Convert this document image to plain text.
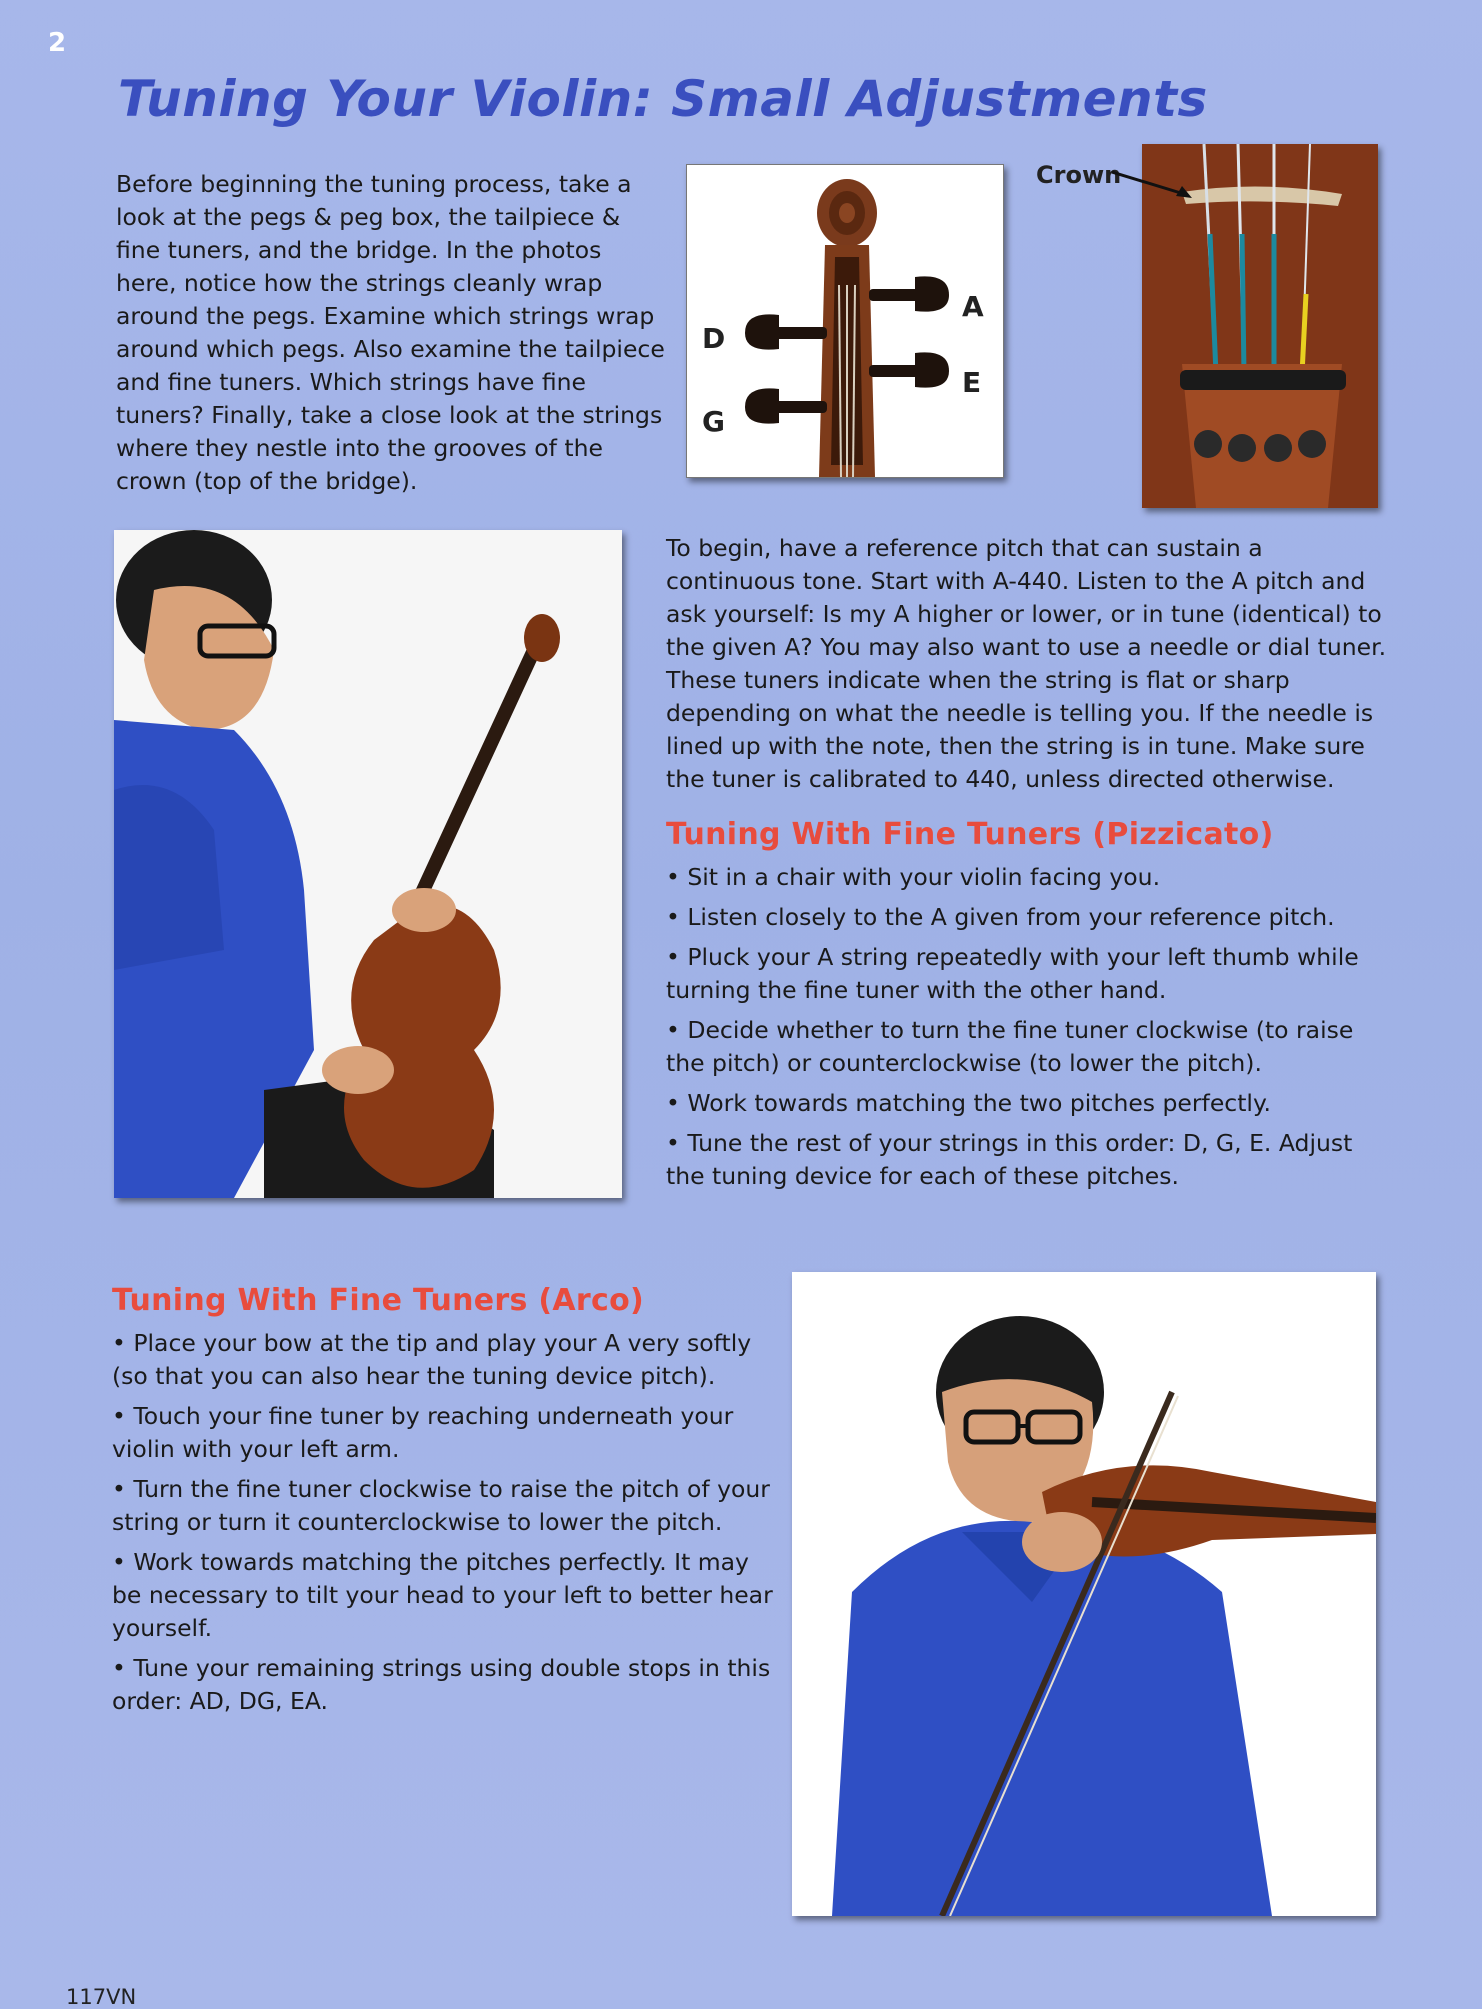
2
Tuning Your Violin: Small Adjustments

Before beginning the tuning process, take a look at the pegs & peg box, the tailpiece & fine tuners, and the bridge. In the photos here, notice how the strings cleanly wrap around the pegs. Examine which strings wrap around which pegs. Also examine the tailpiece and fine tuners. Which strings have fine tuners? Finally, take a close look at the strings where they nestle into the grooves of the crown (top of the bridge).

A
D
E
G
Crown

To begin, have a reference pitch that can sustain a continuous tone. Start with A-440. Listen to the A pitch and ask yourself: Is my A higher or lower, or in tune (identical) to the given A? You may also want to use a needle or dial tuner. These tuners indicate when the string is flat or sharp depending on what the needle is telling you. If the needle is lined up with the note, then the string is in tune. Make sure the tuner is calibrated to 440, unless directed otherwise.

Tuning With Fine Tuners (Pizzicato)
• Sit in a chair with your violin facing you.
• Listen closely to the A given from your reference pitch.
• Pluck your A string repeatedly with your left thumb while turning the fine tuner with the other hand.
• Decide whether to turn the fine tuner clockwise (to raise the pitch) or counterclockwise (to lower the pitch).
• Work towards matching the two pitches perfectly.
• Tune the rest of your strings in this order: D, G, E. Adjust the tuning device for each of these pitches.
Tuning With Fine Tuners (Arco)
• Place your bow at the tip and play your A very softly (so that you can also hear the tuning device pitch).
• Touch your fine tuner by reaching underneath your violin with your left arm.
• Turn the fine tuner clockwise to raise the pitch of your string or turn it counterclockwise to lower the pitch.
• Work towards matching the pitches perfectly. It may be necessary to tilt your head to your left to better hear yourself.
• Tune your remaining strings using double stops in this order: AD, DG, EA.
117VN
